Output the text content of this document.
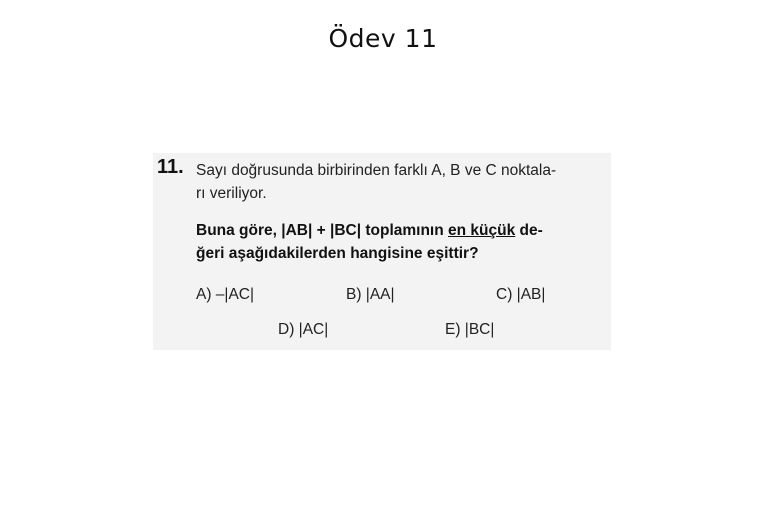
Ödev 11
11. Sayı doğrusunda birbirinden farklı A, B ve C noktala-
rı veriliyor.
Buna göre, |AB| + |BC| toplamının en küçük de-
ğeri aşağıdakilerden hangisine eşittir?
A) –|AC|	B) |AA|	C) |AB|
D) |AC|	E) |BC|
